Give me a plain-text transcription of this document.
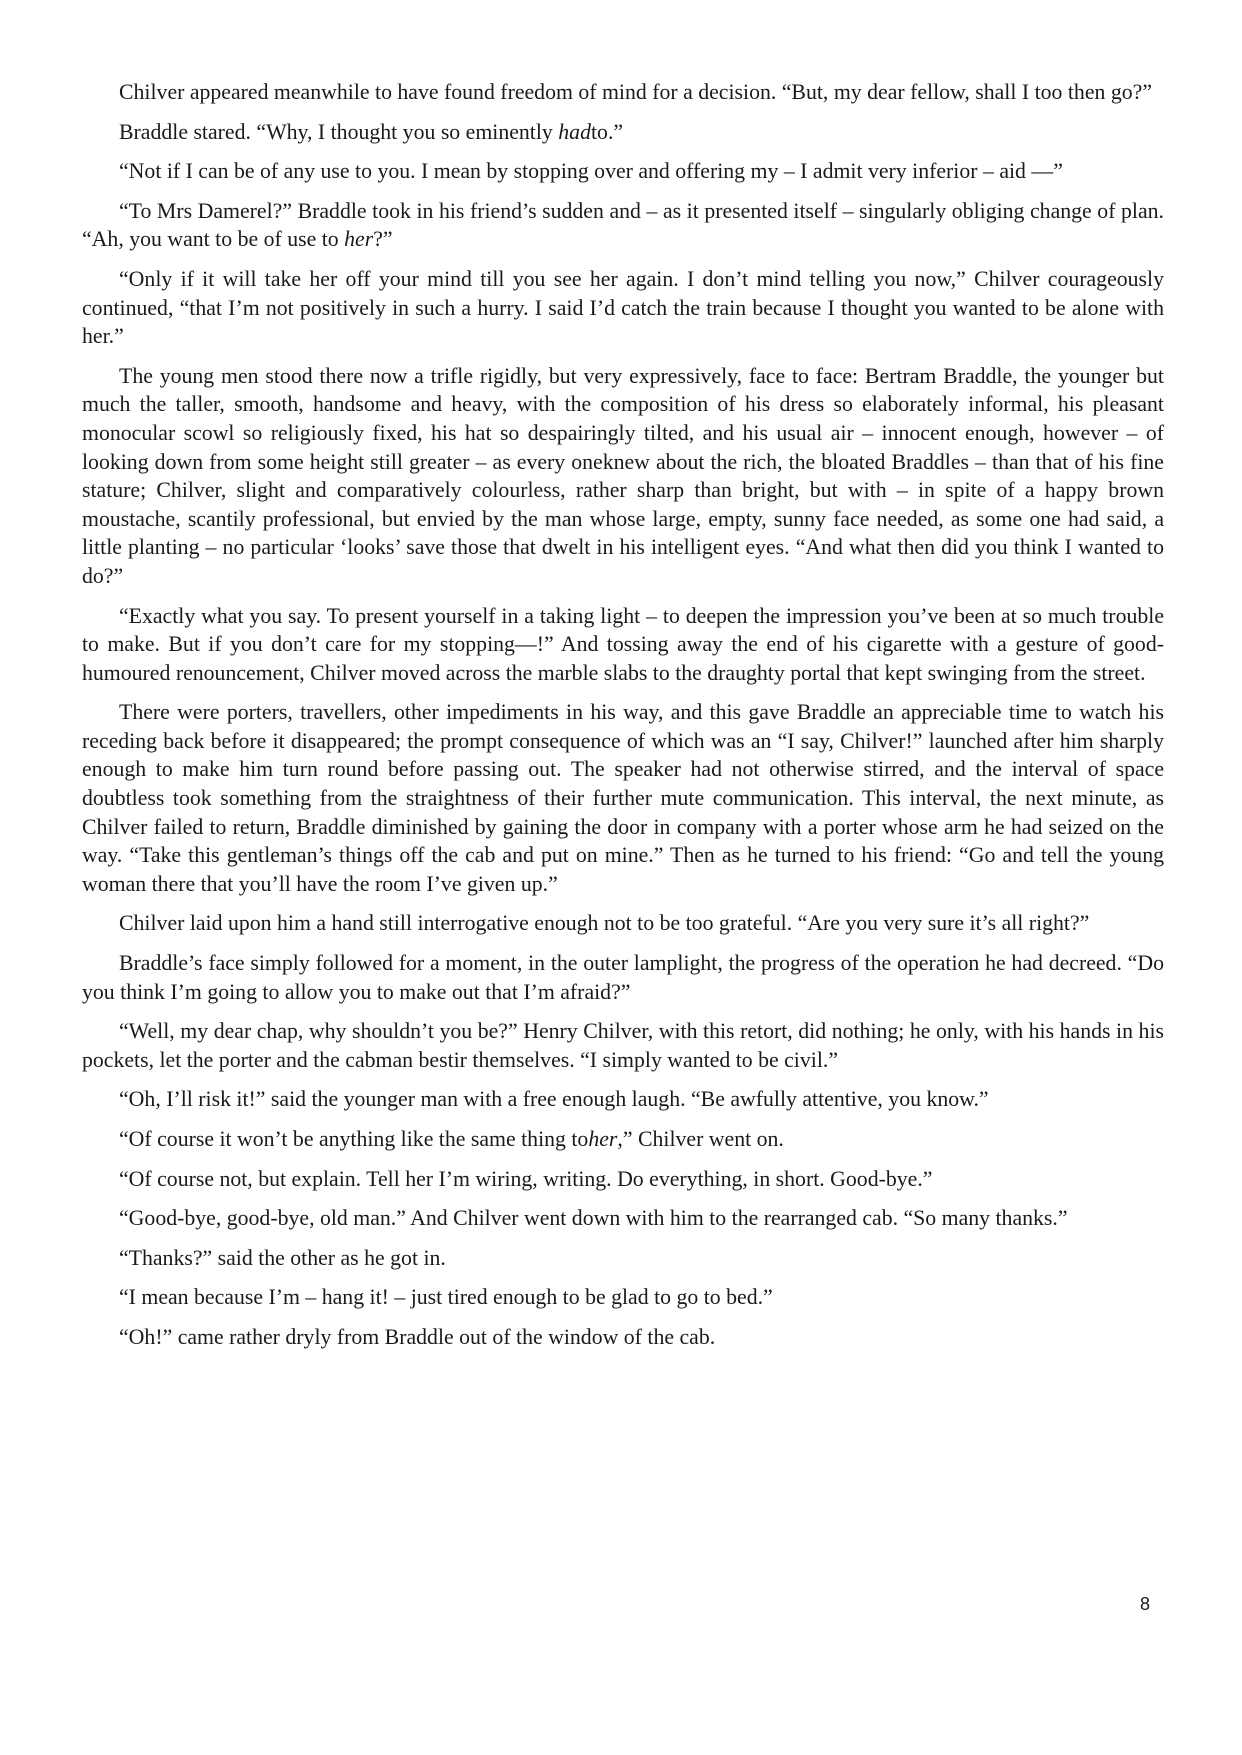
Chilver appeared meanwhile to have found freedom of mind for a decision. “But, my dear fellow, shall I too then go?”

Braddle stared. “Why, I thought you so eminently hadto.”

“Not if I can be of any use to you. I mean by stopping over and offering my – I admit very inferior – aid —”

“To Mrs Damerel?” Braddle took in his friend’s sudden and – as it presented itself – singularly obliging change of plan. “Ah, you want to be of use to her?”

“Only if it will take her off your mind till you see her again. I don’t mind telling you now,” Chilver courageously continued, “that I’m not positively in such a hurry. I said I’d catch the train because I thought you wanted to be alone with her.”

The young men stood there now a trifle rigidly, but very expressively, face to face: Bertram Braddle, the younger but much the taller, smooth, handsome and heavy, with the composition of his dress so elaborately informal, his pleasant monocular scowl so religiously fixed, his hat so despairingly tilted, and his usual air – innocent enough, however – of looking down from some height still greater – as every oneknew about the rich, the bloated Braddles – than that of his fine stature; Chilver, slight and comparatively colourless, rather sharp than bright, but with – in spite of a happy brown moustache, scantily professional, but envied by the man whose large, empty, sunny face needed, as some one had said, a little planting – no particular ‘looks’ save those that dwelt in his intelligent eyes. “And what then did you think I wanted to do?”

“Exactly what you say. To present yourself in a taking light – to deepen the impression you’ve been at so much trouble to make. But if you don’t care for my stopping—!” And tossing away the end of his cigarette with a gesture of good-humoured renouncement, Chilver moved across the marble slabs to the draughty portal that kept swinging from the street.

There were porters, travellers, other impediments in his way, and this gave Braddle an appreciable time to watch his receding back before it disappeared; the prompt consequence of which was an “I say, Chilver!” launched after him sharply enough to make him turn round before passing out. The speaker had not otherwise stirred, and the interval of space doubtless took something from the straightness of their further mute communication. This interval, the next minute, as Chilver failed to return, Braddle diminished by gaining the door in company with a porter whose arm he had seized on the way. “Take this gentleman’s things off the cab and put on mine.” Then as he turned to his friend: “Go and tell the young woman there that you’ll have the room I’ve given up.”

Chilver laid upon him a hand still interrogative enough not to be too grateful. “Are you very sure it’s all right?”

Braddle’s face simply followed for a moment, in the outer lamplight, the progress of the operation he had decreed. “Do you think I’m going to allow you to make out that I’m afraid?”

“Well, my dear chap, why shouldn’t you be?” Henry Chilver, with this retort, did nothing; he only, with his hands in his pockets, let the porter and the cabman bestir themselves. “I simply wanted to be civil.”

“Oh, I’ll risk it!” said the younger man with a free enough laugh. “Be awfully attentive, you know.”

“Of course it won’t be anything like the same thing toher,” Chilver went on.

“Of course not, but explain. Tell her I’m wiring, writing. Do everything, in short. Good-bye.”

“Good-bye, good-bye, old man.” And Chilver went down with him to the rearranged cab. “So many thanks.”

“Thanks?” said the other as he got in.

“I mean because I’m – hang it! – just tired enough to be glad to go to bed.”

“Oh!” came rather dryly from Braddle out of the window of the cab.

8
